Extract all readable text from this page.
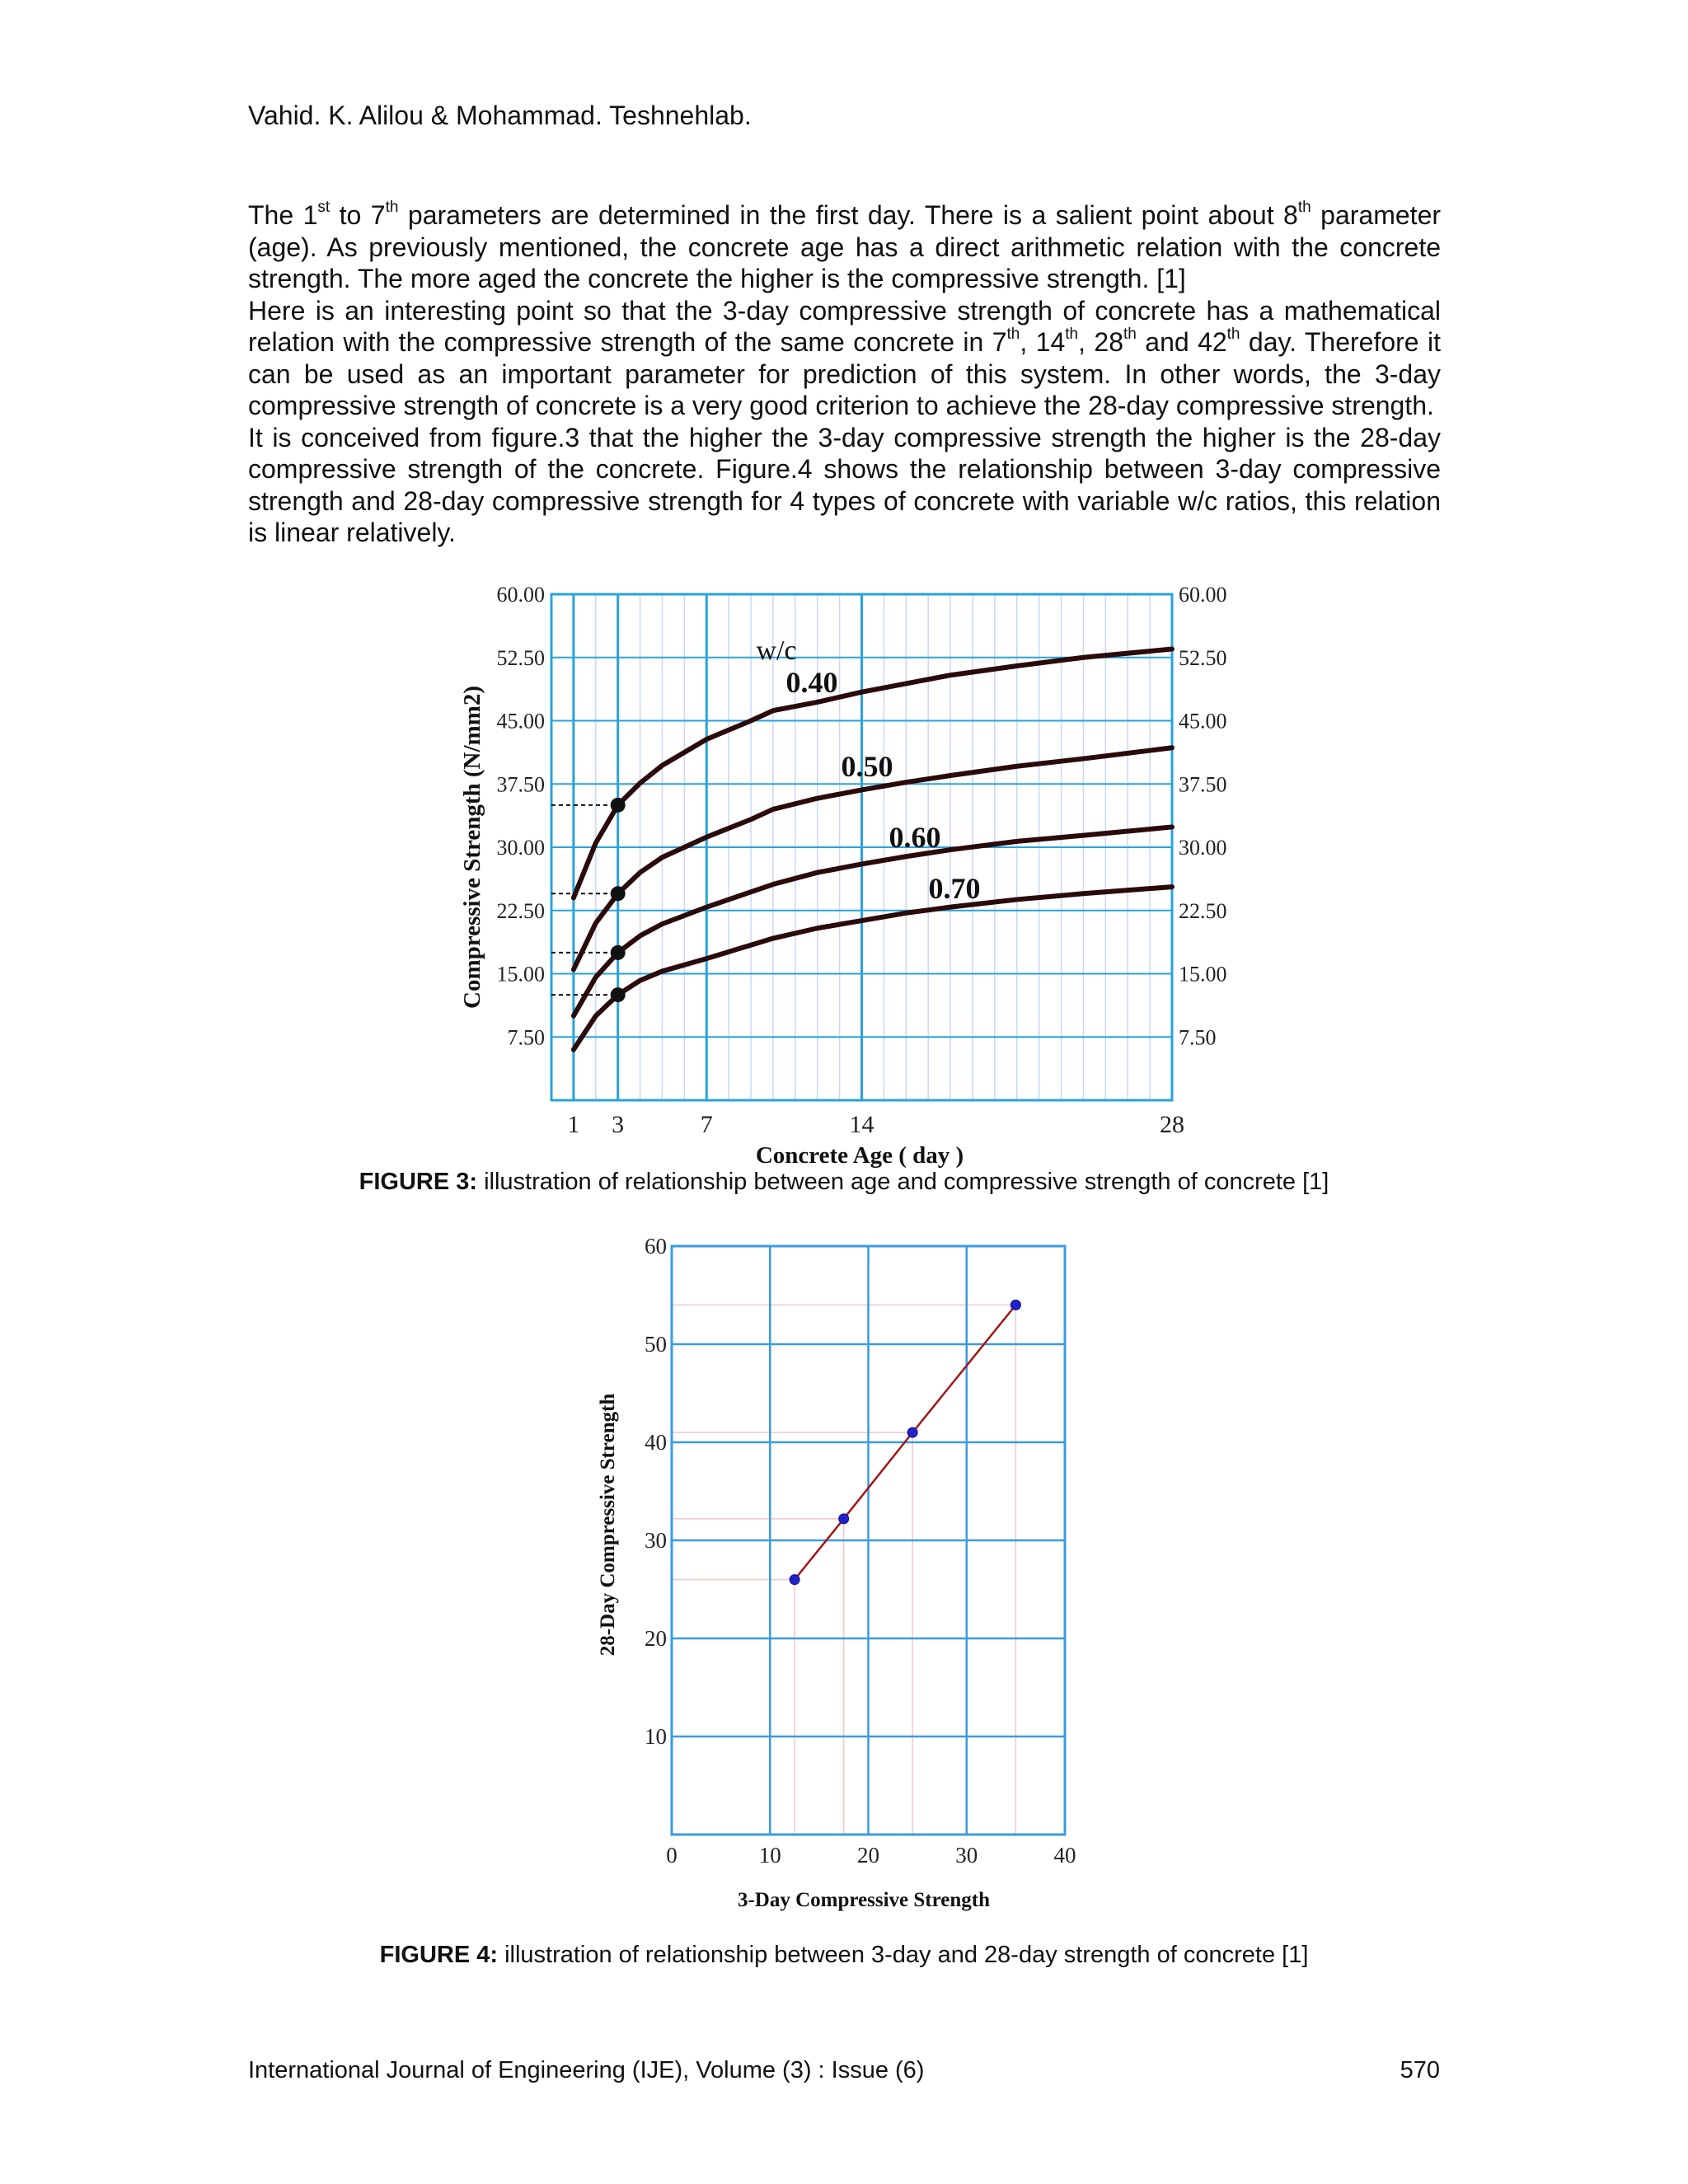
Vahid. K. Alilou & Mohammad. Teshnehlab.

The 1st to 7th parameters are determined in the first day. There is a salient point about 8th parameter (age). As previously mentioned, the concrete age has a direct arithmetic relation with the concrete strength. The more aged the concrete the higher is the compressive strength. [1]

Here is an interesting point so that the 3-day compressive strength of concrete has a mathematical relation with the compressive strength of the same concrete in 7th, 14th, 28th and 42th day. Therefore it can be used as an important parameter for prediction of this system. In other words, the 3-day compressive strength of concrete is a very good criterion to achieve the 28-day compressive strength.

It is conceived from figure.3 that the higher the 3-day compressive strength the higher is the 28-day compressive strength of the concrete. Figure.4 shows the relationship between 3-day compressive strength and 28-day compressive strength for 4 types of concrete with variable w/c ratios, this relation is linear relatively.

7.50	7.50
15.00	15.00
22.50	22.50
30.00	30.00
37.50	37.50
45.00	45.00
52.50	52.50
60.00	60.00
1 3	7	14	28
Concrete Age ( day )
Compressive Strength (N/mm2)
0.40
0.50
0.60
0.70
w/c
FIGURE 3: illustration of relationship between age and compressive strength of concrete [1]
0	10	20	30	40
10
20
30
40
50
60
3-Day Compressive Strength
28-Day Compressive Strength
FIGURE 4: illustration of relationship between 3-day and 28-day strength of concrete [1]
International Journal of Engineering (IJE), Volume (3) : Issue (6)	570
